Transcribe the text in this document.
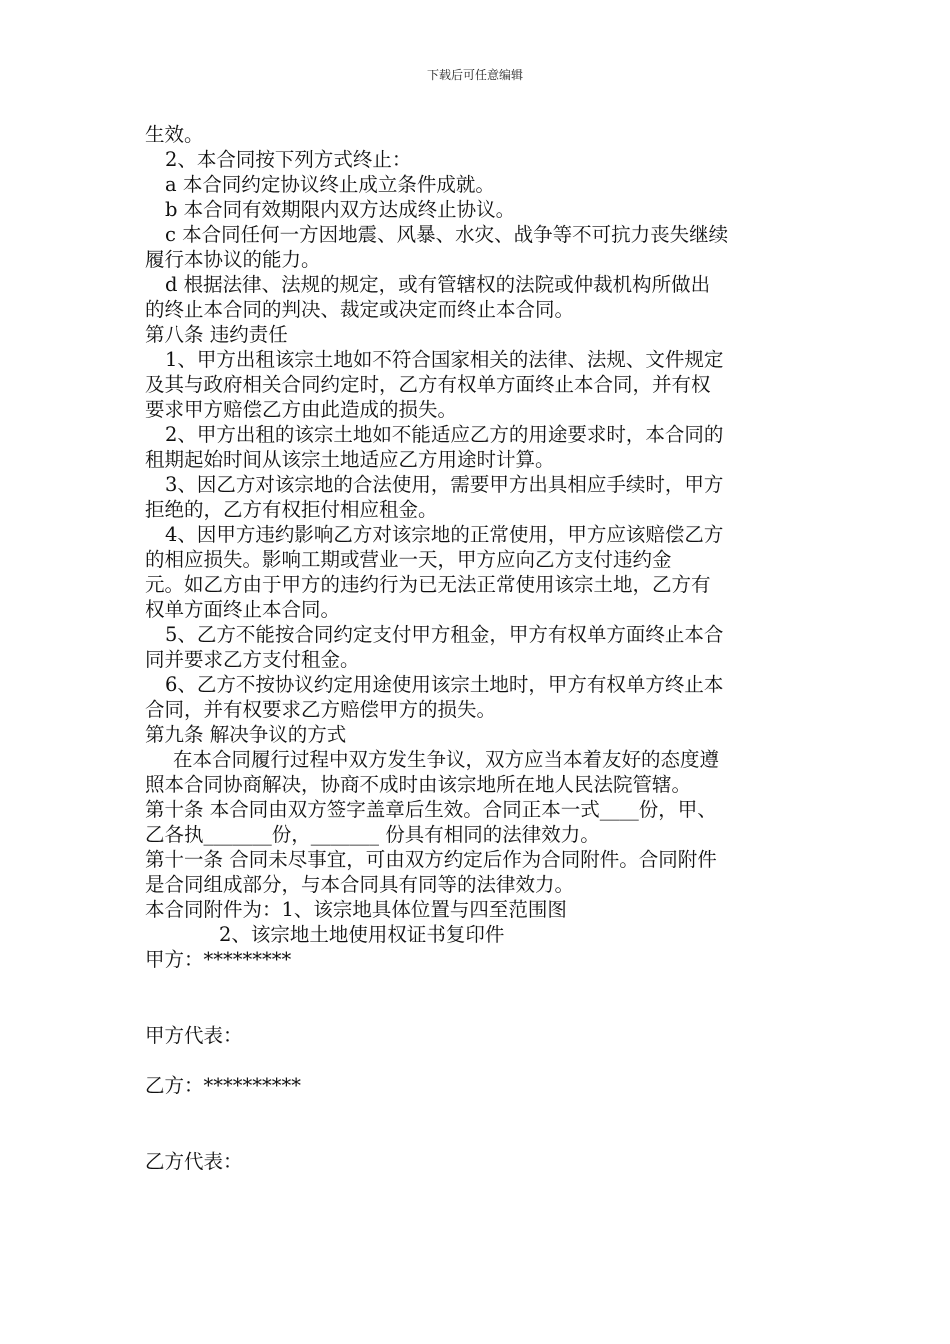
下载后可任意编辑
生效。
2、本合同按下列方式终止：
a 本合同约定协议终止成立条件成就。
b 本合同有效期限内双方达成终止协议。
c 本合同任何一方因地震、风暴、水灾、战争等不可抗力丧失继续
履行本协议的能力。
d 根据法律、法规的规定，或有管辖权的法院或仲裁机构所做出
的终止本合同的判决、裁定或决定而终止本合同。
第八条 违约责任
1、甲方出租该宗土地如不符合国家相关的法律、法规、文件规定
及其与政府相关合同约定时，乙方有权单方面终止本合同，并有权
要求甲方赔偿乙方由此造成的损失。
2、甲方出租的该宗土地如不能适应乙方的用途要求时，本合同的
租期起始时间从该宗土地适应乙方用途时计算。
3、因乙方对该宗地的合法使用，需要甲方出具相应手续时，甲方
拒绝的，乙方有权拒付相应租金。
4、因甲方违约影响乙方对该宗地的正常使用，甲方应该赔偿乙方
的相应损失。影响工期或营业一天，甲方应向乙方支付违约金
元。如乙方由于甲方的违约行为已无法正常使用该宗土地，乙方有
权单方面终止本合同。
5、乙方不能按合同约定支付甲方租金，甲方有权单方面终止本合
同并要求乙方支付租金。
6、乙方不按协议约定用途使用该宗土地时，甲方有权单方终止本
合同，并有权要求乙方赔偿甲方的损失。
第九条 解决争议的方式
在本合同履行过程中双方发生争议，双方应当本着友好的态度遵
照本合同协商解决，协商不成时由该宗地所在地人民法院管辖。
第十条 本合同由双方签字盖章后生效。合同正本一式____份，甲、
乙各执_______份，_______ 份具有相同的法律效力。
第十一条 合同未尽事宜，可由双方约定后作为合同附件。合同附件
是合同组成部分，与本合同具有同等的法律效力。
本合同附件为：1、该宗地具体位置与四至范围图
2、该宗地土地使用权证书复印件
甲方：*********
甲方代表：
乙方：**********
乙方代表：
